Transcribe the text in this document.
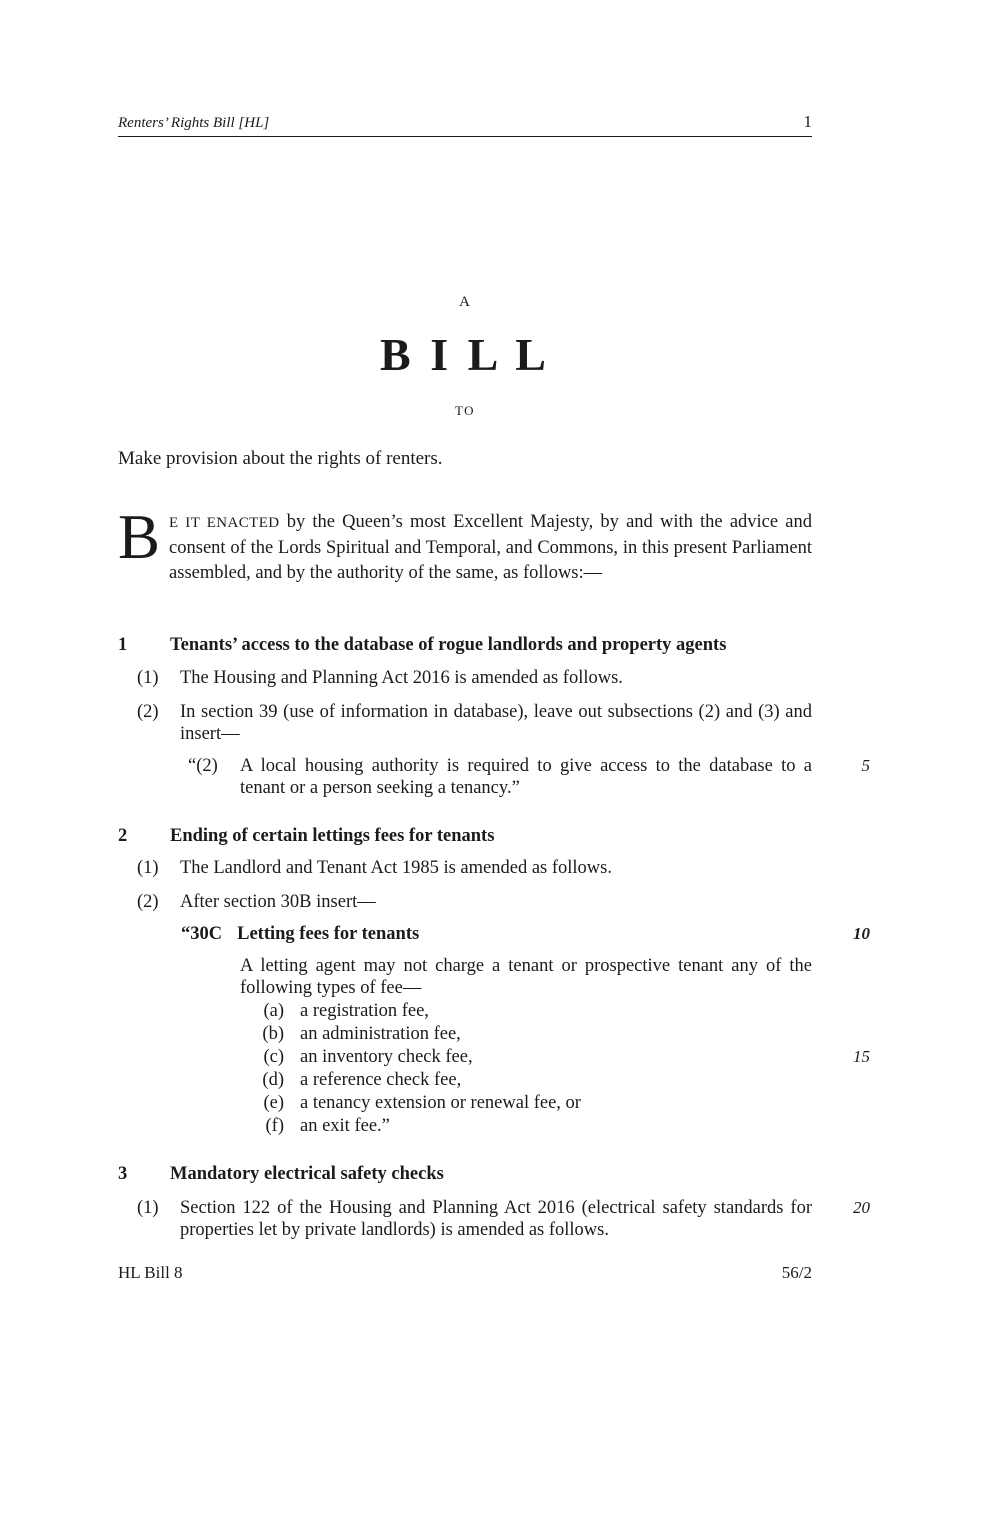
Renters’ Rights Bill [HL]	1
A
B I L L
TO
Make provision about the rights of renters.
B E IT ENACTED by the Queen’s most Excellent Majesty, by and with the advice and consent of the Lords Spiritual and Temporal, and Commons, in this present Parliament assembled, and by the authority of the same, as follows:—
1	Tenants’ access to the database of rogue landlords and property agents
(1)	The Housing and Planning Act 2016 is amended as follows.
(2)	In section 39 (use of information in database), leave out subsections (2) and (3) and insert—
“(2)	A local housing authority is required to give access to the database to a tenant or a person seeking a tenancy.”
5
2	Ending of certain lettings fees for tenants
(1)	The Landlord and Tenant Act 1985 is amended as follows.
(2)	After section 30B insert—
“30C Letting fees for tenants	10
A letting agent may not charge a tenant or prospective tenant any of the following types of fee—
(a) a registration fee,
(b) an administration fee,
(c) an inventory check fee,	15
(d) a reference check fee,
(e) a tenancy extension or renewal fee, or
(f) an exit fee.”
3	Mandatory electrical safety checks
(1)	Section 122 of the Housing and Planning Act 2016 (electrical safety standards for properties let by private landlords) is amended as follows.
20
HL Bill 8	56/2
